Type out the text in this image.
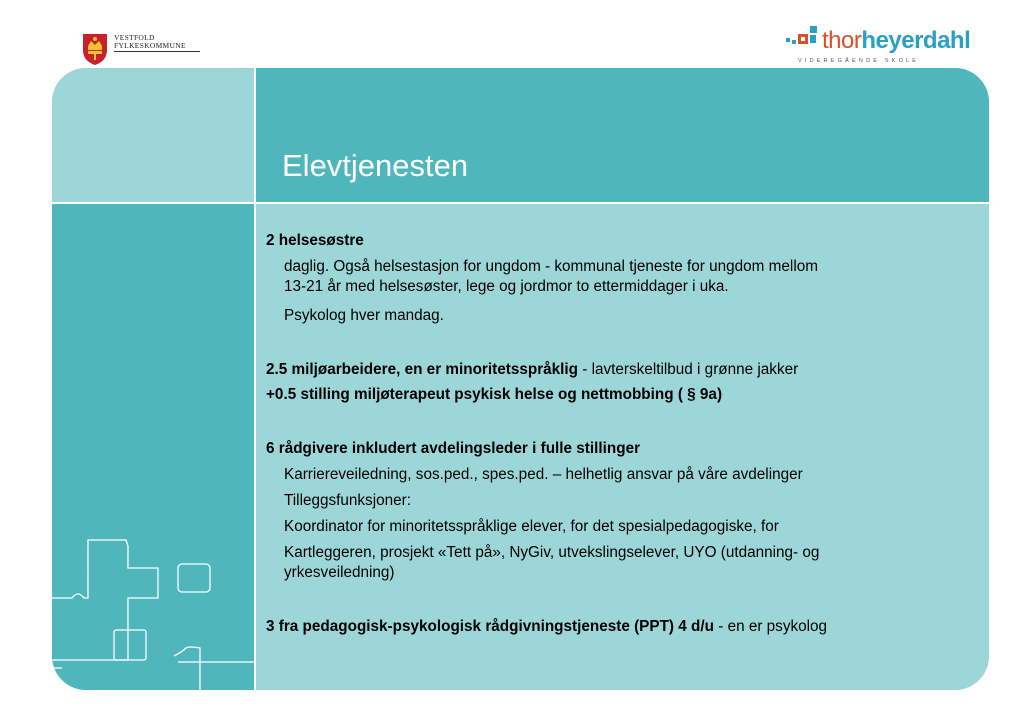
VESTFOLD
FYLKESKOMMUNE	thorheyerdahl
VIDEREGÅENDE SKOLE
Elevtjenesten

2 helsesøstre

daglig. Også helsestasjon for ungdom - kommunal tjeneste for ungdom mellom

13-21 år med helsesøster, lege og jordmor to ettermiddager i uka.

Psykolog hver mandag.

2.5 miljøarbeidere, en er minoritetsspråklig - lavterskeltilbud i grønne jakker

+0.5 stilling miljøterapeut psykisk helse og nettmobbing ( § 9a)

6 rådgivere inkludert avdelingsleder i fulle stillinger

Karriereveiledning, sos.ped., spes.ped. – helhetlig ansvar på våre avdelinger

Tilleggsfunksjoner:

Koordinator for minoritetsspråklige elever, for det spesialpedagogiske, for

Kartleggeren, prosjekt «Tett på», NyGiv, utvekslingselever, UYO (utdanning- og

yrkesveiledning)

3 fra pedagogisk-psykologisk rådgivningstjeneste (PPT) 4 d/u - en er psykolog
